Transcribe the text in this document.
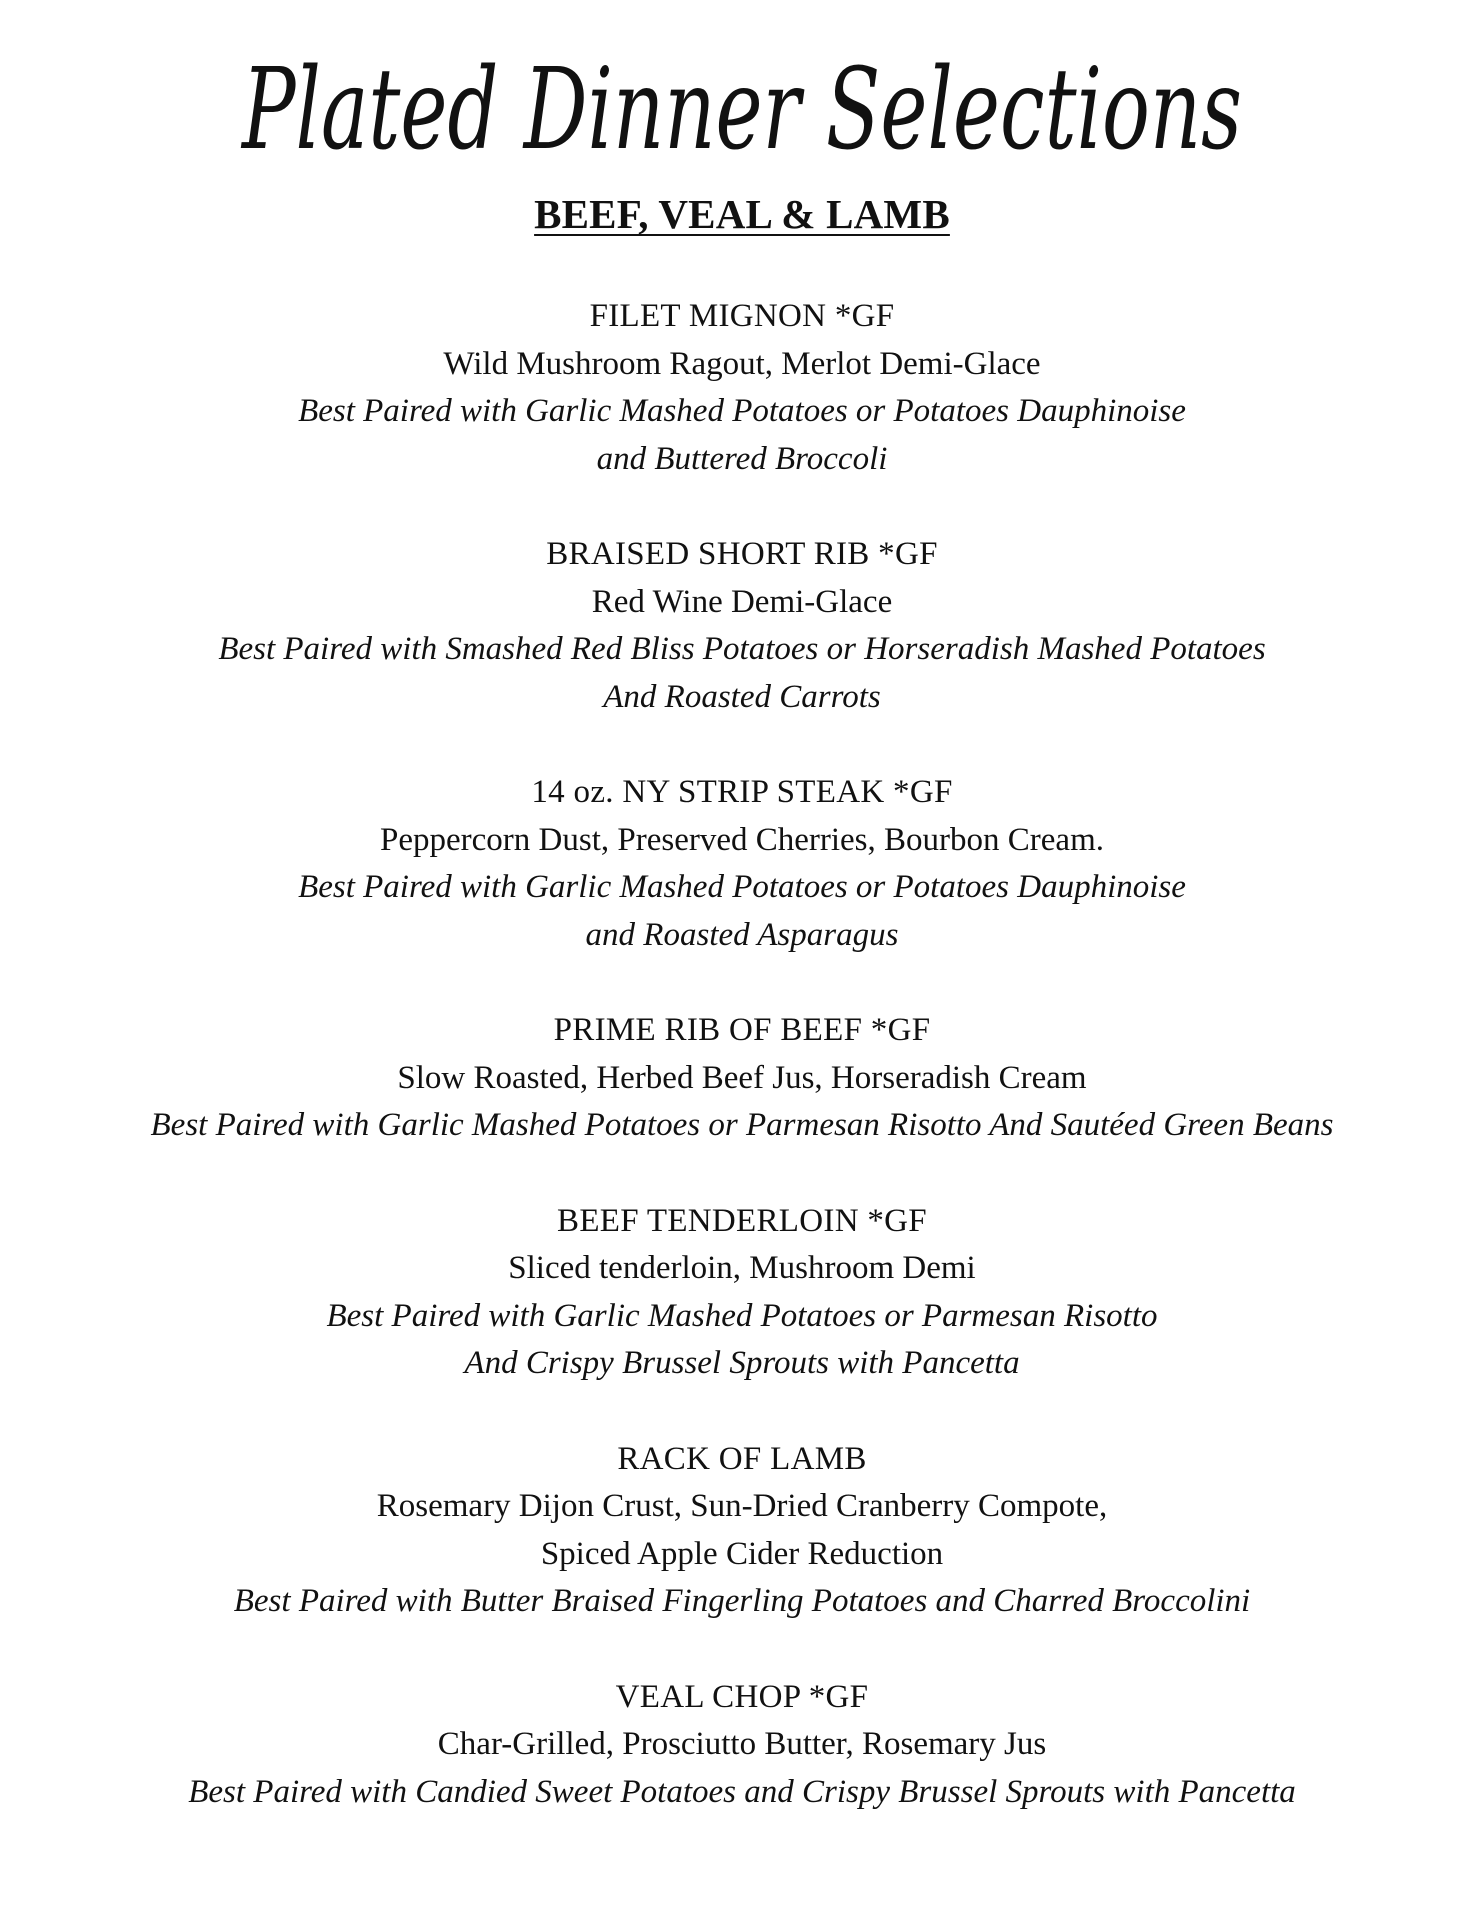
Plated Dinner Selections
BEEF, VEAL & LAMB
FILET MIGNON *GF
Wild Mushroom Ragout, Merlot Demi-Glace
Best Paired with Garlic Mashed Potatoes or Potatoes Dauphinoise
and Buttered Broccoli
BRAISED SHORT RIB *GF
Red Wine Demi-Glace
Best Paired with Smashed Red Bliss Potatoes or Horseradish Mashed Potatoes
And Roasted Carrots
14 oz. NY STRIP STEAK *GF
Peppercorn Dust, Preserved Cherries, Bourbon Cream.
Best Paired with Garlic Mashed Potatoes or Potatoes Dauphinoise
and Roasted Asparagus
PRIME RIB OF BEEF *GF
Slow Roasted, Herbed Beef Jus, Horseradish Cream
Best Paired with Garlic Mashed Potatoes or Parmesan Risotto And Sautéed Green Beans
BEEF TENDERLOIN *GF
Sliced tenderloin, Mushroom Demi
Best Paired with Garlic Mashed Potatoes or Parmesan Risotto
And Crispy Brussel Sprouts with Pancetta
RACK OF LAMB
Rosemary Dijon Crust, Sun-Dried Cranberry Compote,
Spiced Apple Cider Reduction
Best Paired with Butter Braised Fingerling Potatoes and Charred Broccolini
VEAL CHOP *GF
Char-Grilled, Prosciutto Butter, Rosemary Jus
Best Paired with Candied Sweet Potatoes and Crispy Brussel Sprouts with Pancetta
